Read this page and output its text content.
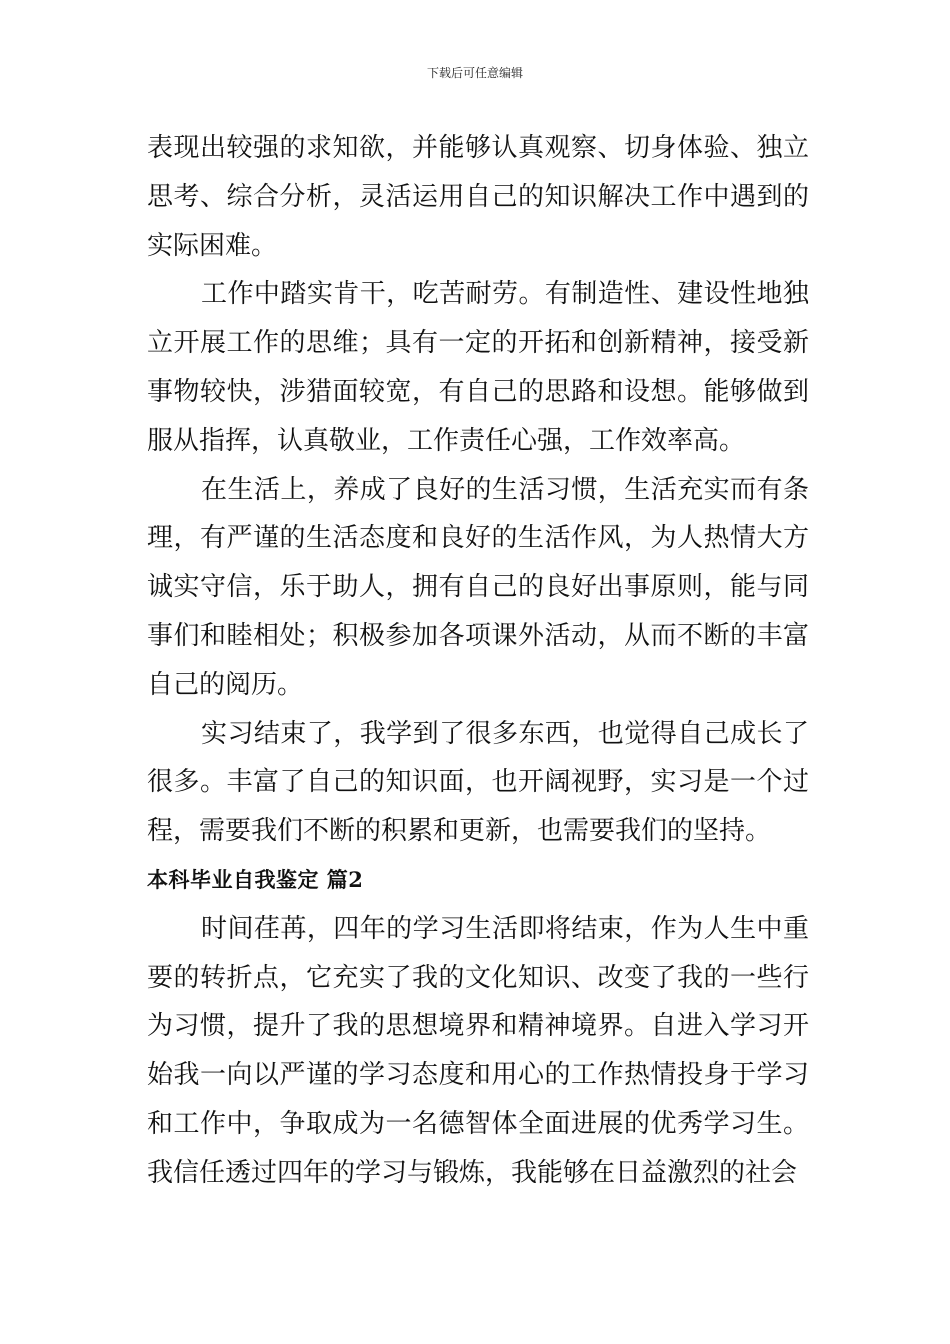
下载后可任意编辑

表现出较强的求知欲，并能够认真观察、切身体验、独立思考、综合分析，灵活运用自己的知识解决工作中遇到的实际困难。

工作中踏实肯干，吃苦耐劳。有制造性、建设性地独立开展工作的思维；具有一定的开拓和创新精神，接受新事物较快，涉猎面较宽，有自己的思路和设想。能够做到服从指挥，认真敬业，工作责任心强，工作效率高。

在生活上，养成了良好的生活习惯，生活充实而有条理，有严谨的生活态度和良好的生活作风，为人热情大方诚实守信，乐于助人，拥有自己的良好出事原则，能与同事们和睦相处；积极参加各项课外活动，从而不断的丰富自己的阅历。

实习结束了，我学到了很多东西，也觉得自己成长了很多。丰富了自己的知识面，也开阔视野，实习是一个过程，需要我们不断的积累和更新，也需要我们的坚持。

本科毕业自我鉴定 篇2

时间荏苒，四年的学习生活即将结束，作为人生中重要的转折点，它充实了我的文化知识、改变了我的一些行为习惯，提升了我的思想境界和精神境界。自进入学习开始我一向以严谨的学习态度和用心的工作热情投身于学习和工作中，争取成为一名德智体全面进展的优秀学习生。我信任透过四年的学习与锻炼，我能够在日益激烈的社会
